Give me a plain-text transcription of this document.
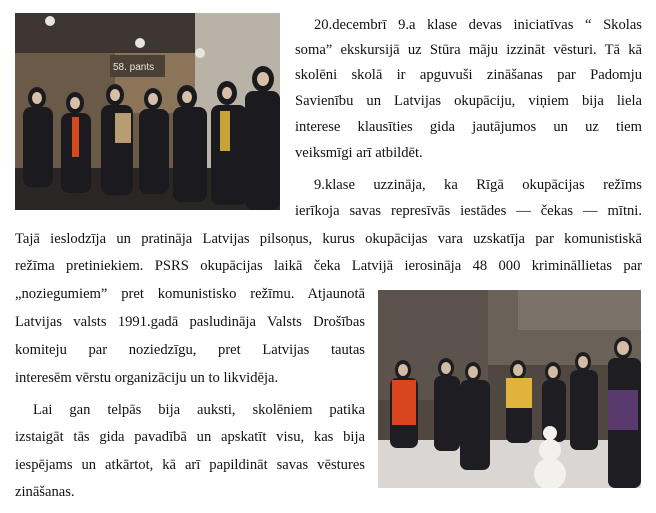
58. pants
20.decembrī 9.a klase devas iniciatīvas “ Skolas
soma” ekskursijā uz Stūra māju izzināt vēsturi. Tā kā
skolēni skolā ir apguvuši zināšanas par Padomju
Savienību un Latvijas okupāciju, viņiem bija liela
interese klausīties gida jautājumos un uz tiem
veiksmīgi arī atbildēt.
9.klase uzzināja, ka Rīgā okupācijas režīms
ierīkoja savas represīvās iestādes — čekas — mītni.
Tajā ieslodzīja un pratināja Latvijas pilsoņus, kurus okupācijas vara uzskatīja par komunistiskā
režīma pretiniekiem. PSRS okupācijas laikā čeka Latvijā ierosināja 48 000 krimināllietas par
„noziegumiem” pret komunistisko režīmu. Atjaunotā
Latvijas valsts 1991.gadā pasludināja Valsts Drošības
komiteju par noziedzīgu, pret Latvijas tautas
interesēm vērstu organizāciju un to likvidēja.
Lai gan telpās bija auksti, skolēniem patika
izstaigāt tās gida pavadībā un apskatīt visu, kas bija
iespējams un atkārtot, kā arī papildināt savas vēstures
zināšanas.
